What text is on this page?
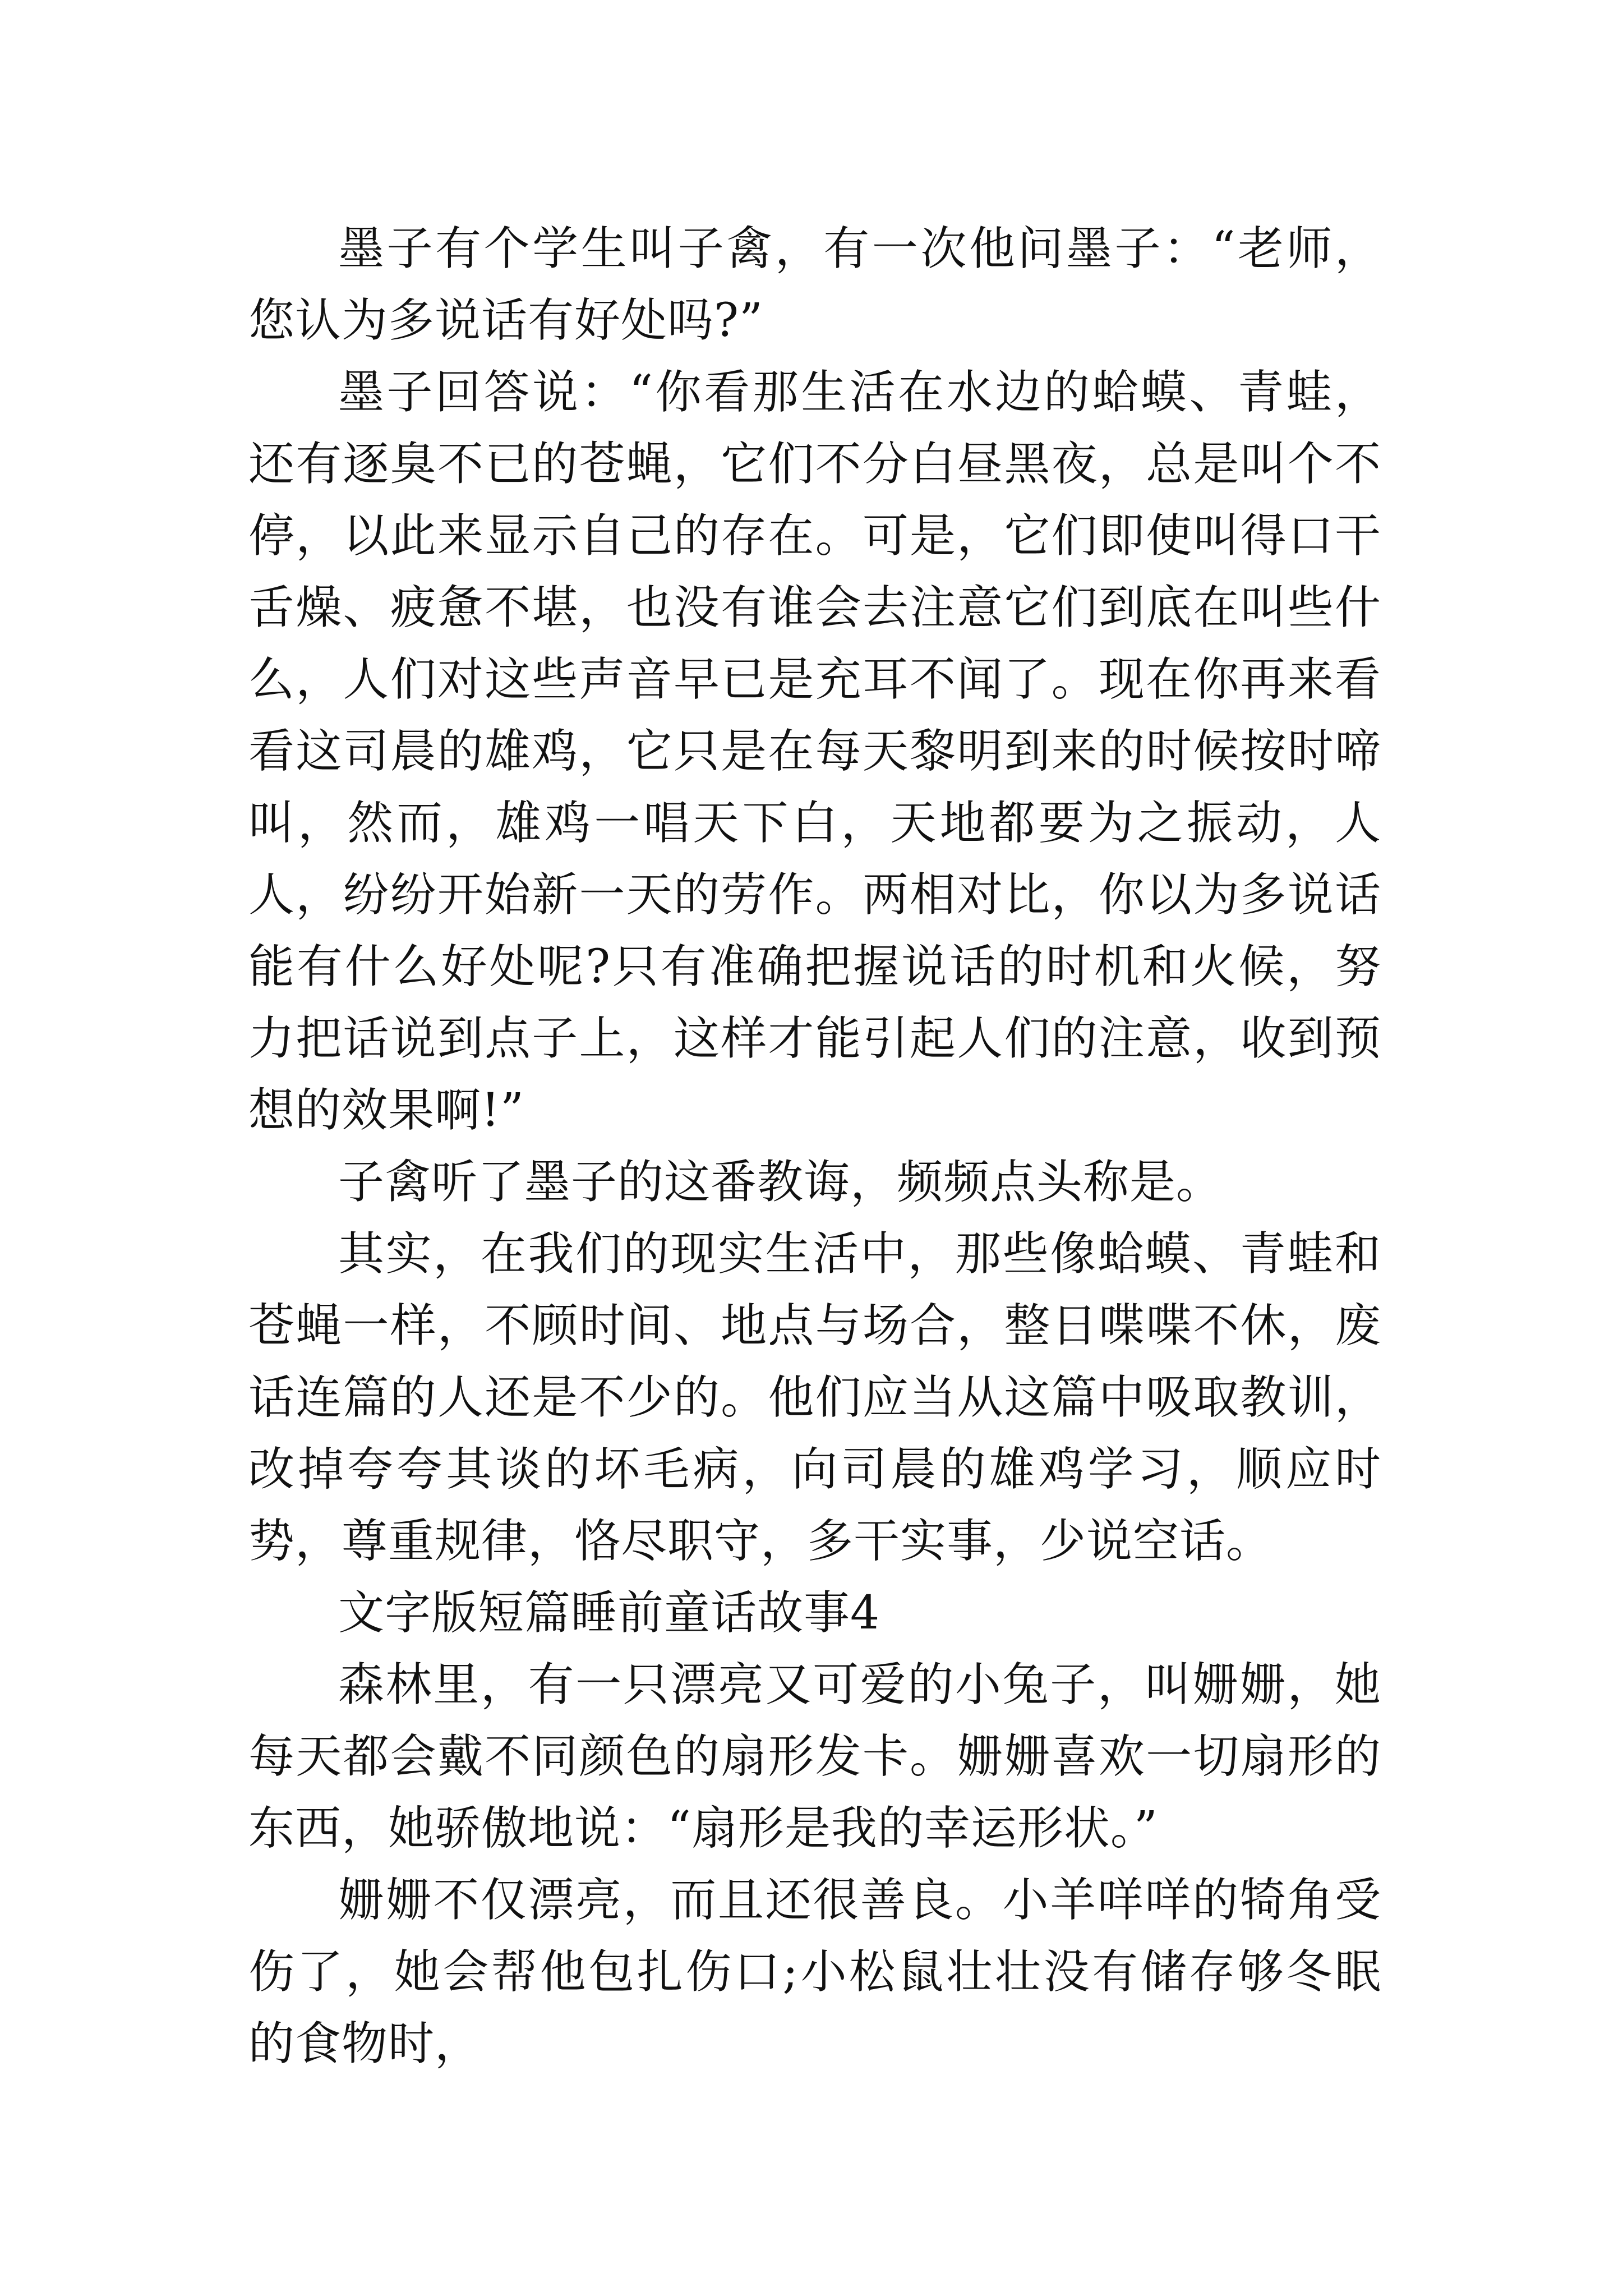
墨子有个学生叫子禽，有一次他问墨子：“老师，您认为多说话有好处吗?”

墨子回答说：“你看那生活在水边的蛤蟆、青蛙，还有逐臭不已的苍蝇，它们不分白昼黑夜，总是叫个不停，以此来显示自己的存在。可是，它们即使叫得口干舌燥、疲惫不堪，也没有谁会去注意它们到底在叫些什么，人们对这些声音早已是充耳不闻了。现在你再来看看这司晨的雄鸡，它只是在每天黎明到来的时候按时啼叫，然而，雄鸡一唱天下白，天地都要为之振动，人人，纷纷开始新一天的劳作。两相对比，你以为多说话能有什么好处呢?只有准确把握说话的时机和火候，努力把话说到点子上，这样才能引起人们的注意，收到预想的效果啊!”

子禽听了墨子的这番教诲，频频点头称是。

其实，在我们的现实生活中，那些像蛤蟆、青蛙和苍蝇一样，不顾时间、地点与场合，整日喋喋不休，废话连篇的人还是不少的。他们应当从这篇中吸取教训，改掉夸夸其谈的坏毛病，向司晨的雄鸡学习，顺应时势，尊重规律，恪尽职守，多干实事，少说空话。

文字版短篇睡前童话故事4

森林里，有一只漂亮又可爱的小兔子，叫姗姗，她每天都会戴不同颜色的扇形发卡。姗姗喜欢一切扇形的东西，她骄傲地说：“扇形是我的幸运形状。”

姗姗不仅漂亮，而且还很善良。小羊咩咩的犄角受伤了，她会帮他包扎伤口;小松鼠壮壮没有储存够冬眠的食物时，
